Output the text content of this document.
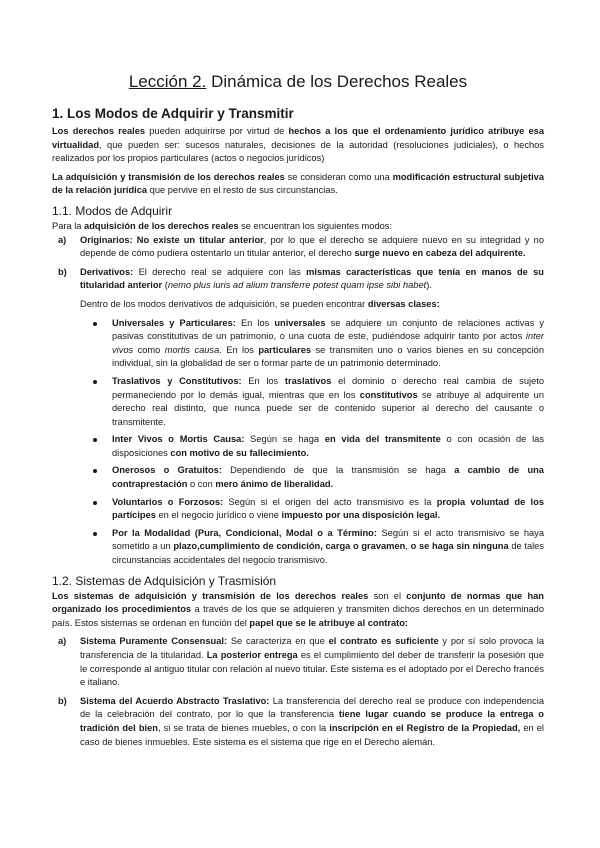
Lección 2. Dinámica de los Derechos Reales
1. Los Modos de Adquirir y Transmitir

Los derechos reales pueden adquirirse por virtud de hechos a los que el ordenamiento jurídico atribuye esa virtualidad, que pueden ser: sucesos naturales, decisiones de la autoridad (resoluciones judiciales), o hechos realizados por los propios particulares (actos o negocios jurídicos)

La adquisición y transmisión de los derechos reales se consideran como una modificación estructural subjetiva de la relación jurídica que pervive en el resto de sus circunstancias.

1.1. Modos de Adquirir

Para la adquisición de los derechos reales se encuentran los siguientes modos:

a) Originarios: No existe un titular anterior, por lo que el derecho se adquiere nuevo en su integridad y no depende de cómo pudiera ostentarlo un titular anterior, el derecho surge nuevo en cabeza del adquirente.

b) Derivativos: El derecho real se adquiere con las mismas características que tenía en manos de su titularidad anterior (nemo plus iuris ad alium transferre potest quam ipse sibi habet).

Dentro de los modos derivativos de adquisición, se pueden encontrar diversas clases:

Universales y Particulares: En los universales se adquiere un conjunto de relaciones activas y pasivas constitutivas de un patrimonio, o una cuota de este, pudiéndose adquirir tanto por actos inter vivos como mortis causa. En los particulares se transmiten uno o varios bienes en su concepción individual, sin la globalidad de ser o formar parte de un patrimonio determinado.

Traslativos y Constitutivos: En los traslativos el dominio o derecho real cambia de sujeto permaneciendo por lo demás igual, mientras que en los constitutivos se atribuye al adquirente un derecho real distinto, que nunca puede ser de contenido superior al derecho del causante o transmitente.

Inter Vivos o Mortis Causa: Según se haga en vida del transmitente o con ocasión de las disposiciones con motivo de su fallecimiento.

Onerosos o Gratuitos: Dependiendo de que la transmisión se haga a cambio de una contraprestación o con mero ánimo de liberalidad.

Voluntarios o Forzosos: Según si el origen del acto transmisivo es la propia voluntad de los partícipes en el negocio jurídico o viene impuesto por una disposición legal.

Por la Modalidad (Pura, Condicional, Modal o a Término: Según si el acto transmisivo se haya sometido a un plazo,cumplimiento de condición, carga o gravamen, o se haga sin ninguna de tales circunstancias accidentales del negocio transmisivo.

1.2. Sistemas de Adquisición y Trasmisión

Los sistemas de adquisición y transmisión de los derechos reales son el conjunto de normas que han organizado los procedimientos a través de los que se adquieren y transmiten dichos derechos en un determinado país. Estos sistemas se ordenan en función del papel que se le atribuye al contrato:

a) Sistema Puramente Consensual: Se caracteriza en que el contrato es suficiente y por sí solo provoca la transferencia de la titularidad. La posterior entrega es el cumplimiento del deber de transferir la posesión que le corresponde al antiguo titular con relación al nuevo titular. Este sistema es el adoptado por el Derecho francés e italiano.

b) Sistema del Acuerdo Abstracto Traslativo: La transferencia del derecho real se produce con independencia de la celebración del contrato, por lo que la transferencia tiene lugar cuando se produce la entrega o tradición del bien, si se trata de bienes muebles, o con la inscripción en el Registro de la Propiedad, en el caso de bienes inmuebles. Este sistema es el sistema que rige en el Derecho alemán.
